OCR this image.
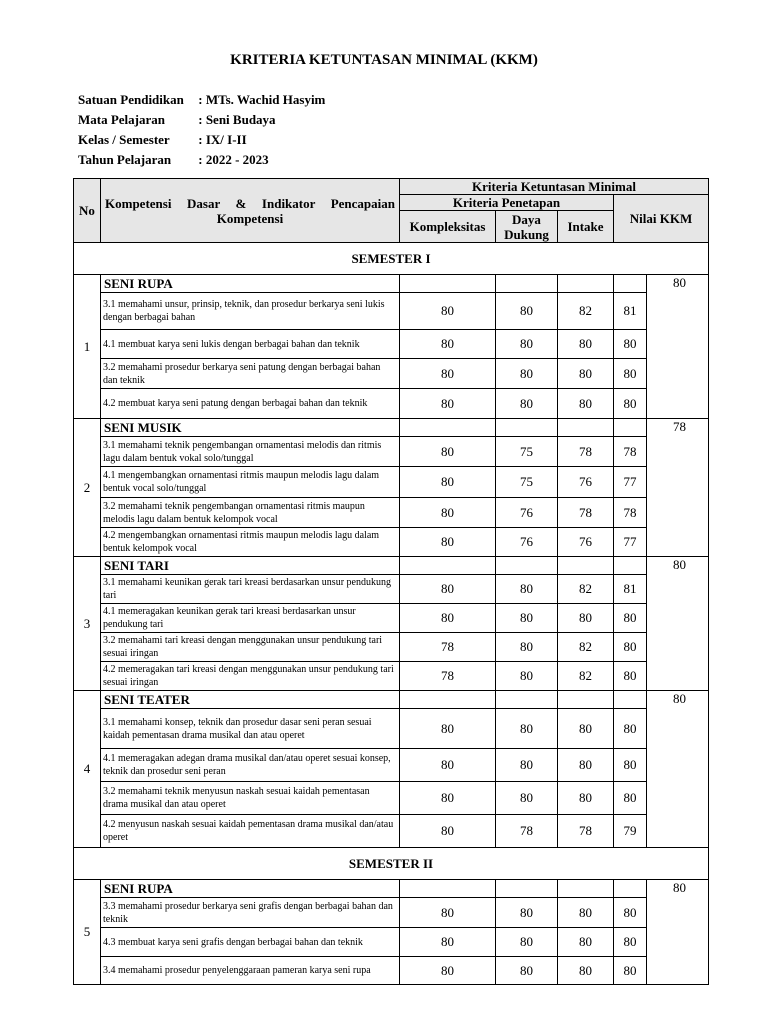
KRITERIA KETUNTASAN MINIMAL (KKM)
Satuan Pendidikan : MTs. Wachid Hasyim
Mata Pelajaran	: Seni Budaya
Kelas / Semester : IX/ I-II
Tahun Pelajaran : 2022 - 2023
No	Kompetensi Dasar & Indikator Pencapaian Kompetensi	Kriteria Ketuntasan Minimal				
		Kriteria Penetapan			Nilai KKM	
		Kompleksitas	Daya Dukung	Intake		
SEMESTER I						
1	SENI RUPA					80
	3.1 memahami unsur, prinsip, teknik, dan prosedur berkarya seni lukis dengan berbagai bahan	80	80	82	81	
	4.1 membuat karya seni lukis dengan berbagai bahan dan teknik	80	80	80	80	
	3.2 memahami prosedur berkarya seni patung dengan berbagai bahan dan teknik	80	80	80	80	
	4.2 membuat karya seni patung dengan berbagai bahan dan teknik	80	80	80	80	
2	SENI MUSIK					78
	3.1 memahami teknik pengembangan ornamentasi melodis dan ritmis lagu dalam bentuk vokal solo/tunggal	80	75	78	78	
	4.1 mengembangkan ornamentasi ritmis maupun melodis lagu dalam bentuk vocal solo/tunggal	80	75	76	77	
	3.2 memahami teknik pengembangan ornamentasi ritmis maupun melodis lagu dalam bentuk kelompok vocal	80	76	78	78	
	4.2 mengembangkan ornamentasi ritmis maupun melodis lagu dalam bentuk kelompok vocal	80	76	76	77	
3	SENI TARI					80
	3.1 memahami keunikan gerak tari kreasi berdasarkan unsur pendukung tari	80	80	82	81	
	4.1 memeragakan keunikan gerak tari kreasi berdasarkan unsur pendukung tari	80	80	80	80	
	3.2 memahami tari kreasi dengan menggunakan unsur pendukung tari sesuai iringan	78	80	82	80	
	4.2 memeragakan tari kreasi dengan menggunakan unsur pendukung tari sesuai iringan	78	80	82	80	
4	SENI TEATER					80
	3.1 memahami konsep, teknik dan prosedur dasar seni peran sesuai kaidah pementasan drama musikal dan atau operet	80	80	80	80	
	4.1 memeragakan adegan drama musikal dan/atau operet sesuai konsep, teknik dan prosedur seni peran	80	80	80	80	
	3.2 memahami teknik menyusun naskah sesuai kaidah pementasan drama musikal dan atau operet	80	80	80	80	
	4.2 menyusun naskah sesuai kaidah pementasan drama musikal dan/atau operet	80	78	78	79	
SEMESTER II						
5	SENI RUPA					80
	3.3 memahami prosedur berkarya seni grafis dengan berbagai bahan dan teknik	80	80	80	80	
	4.3 membuat karya seni grafis dengan berbagai bahan dan teknik	80	80	80	80	
	3.4 memahami prosedur penyelenggaraan pameran karya seni rupa	80	80	80	80	
